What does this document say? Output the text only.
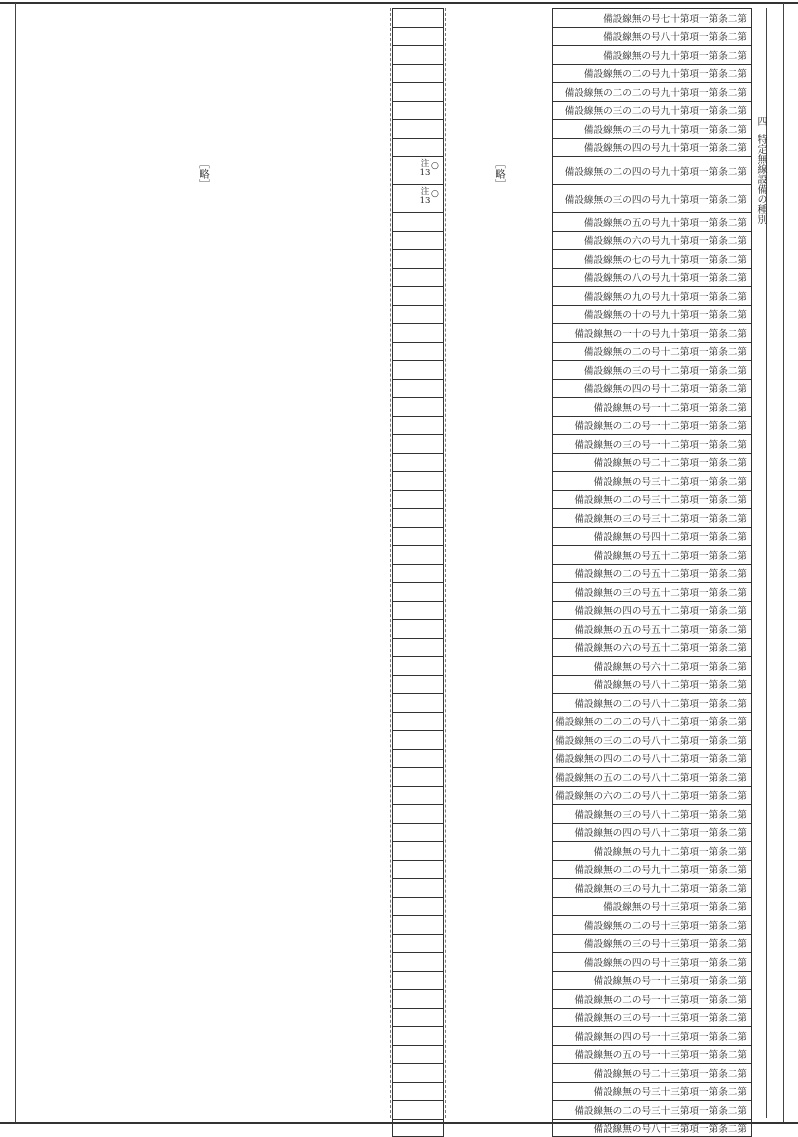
［略］	［略］
四
特定無線設備の種別
注13
○
注13
○
備設線無の号七十第項一第条二第
備設線無の号八十第項一第条二第
備設線無の号九十第項一第条二第
備設線無の二の号九十第項一第条二第
備設線無の二の二の号九十第項一第条二第
備設線無の三の二の号九十第項一第条二第
備設線無の三の号九十第項一第条二第
備設線無の四の号九十第項一第条二第
備設線無の二の四の号九十第項一第条二第
備設線無の三の四の号九十第項一第条二第
備設線無の五の号九十第項一第条二第
備設線無の六の号九十第項一第条二第
備設線無の七の号九十第項一第条二第
備設線無の八の号九十第項一第条二第
備設線無の九の号九十第項一第条二第
備設線無の十の号九十第項一第条二第
備設線無の一十の号九十第項一第条二第
備設線無の二の号十二第項一第条二第
備設線無の三の号十二第項一第条二第
備設線無の四の号十二第項一第条二第
備設線無の号一十二第項一第条二第
備設線無の二の号一十二第項一第条二第
備設線無の三の号一十二第項一第条二第
備設線無の号二十二第項一第条二第
備設線無の号三十二第項一第条二第
備設線無の二の号三十二第項一第条二第
備設線無の三の号三十二第項一第条二第
備設線無の号四十二第項一第条二第
備設線無の号五十二第項一第条二第
備設線無の二の号五十二第項一第条二第
備設線無の三の号五十二第項一第条二第
備設線無の四の号五十二第項一第条二第
備設線無の五の号五十二第項一第条二第
備設線無の六の号五十二第項一第条二第
備設線無の号六十二第項一第条二第
備設線無の号八十二第項一第条二第
備設線無の二の号八十二第項一第条二第
備設線無の二の二の号八十二第項一第条二第
備設線無の三の二の号八十二第項一第条二第
備設線無の四の二の号八十二第項一第条二第
備設線無の五の二の号八十二第項一第条二第
備設線無の六の二の号八十二第項一第条二第
備設線無の三の号八十二第項一第条二第
備設線無の四の号八十二第項一第条二第
備設線無の号九十二第項一第条二第
備設線無の二の号九十二第項一第条二第
備設線無の三の号九十二第項一第条二第
備設線無の号十三第項一第条二第
備設線無の二の号十三第項一第条二第
備設線無の三の号十三第項一第条二第
備設線無の四の号十三第項一第条二第
備設線無の号一十三第項一第条二第
備設線無の二の号一十三第項一第条二第
備設線無の三の号一十三第項一第条二第
備設線無の四の号一十三第項一第条二第
備設線無の五の号一十三第項一第条二第
備設線無の号二十三第項一第条二第
備設線無の号三十三第項一第条二第
備設線無の二の号三十三第項一第条二第
備設線無の号八十三第項一第条二第
